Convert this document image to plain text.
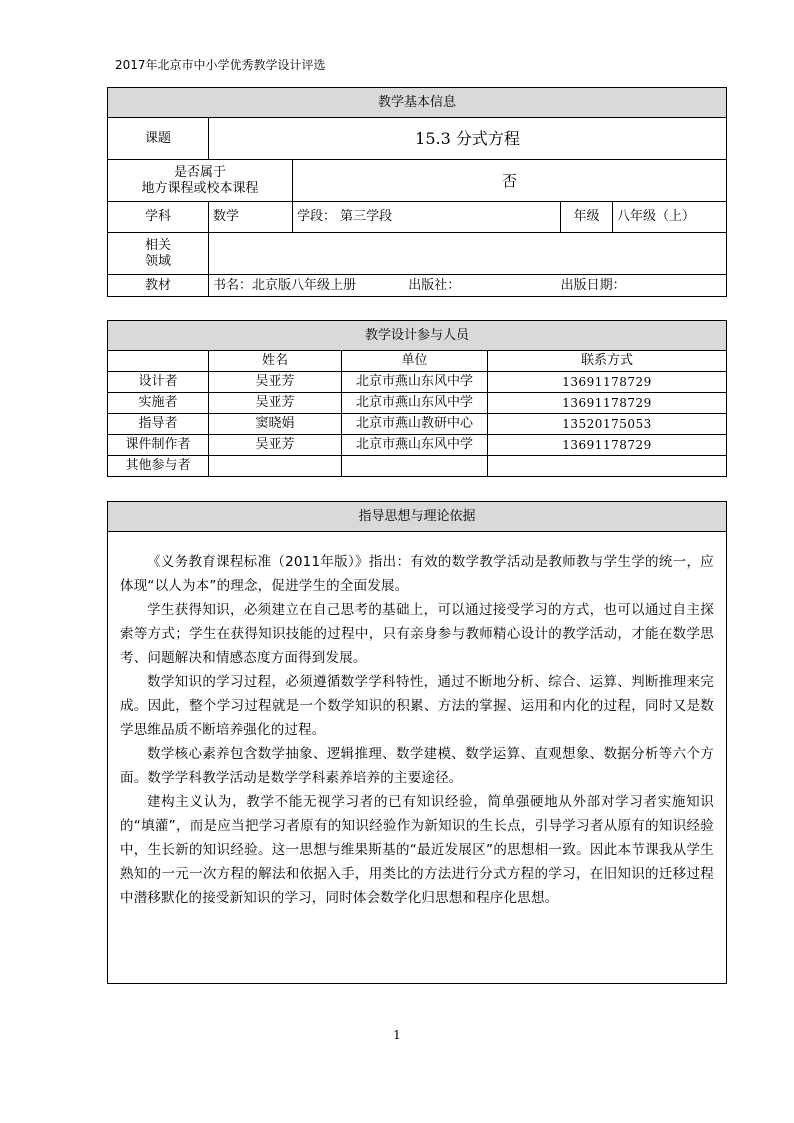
2017年北京市中小学优秀教学设计评选
教学基本信息				
课题	15.3 分式方程			

是否属于
地方课程或校本课程		否		
学科	数学	学段： 第三学段	年级	八年级（上）

相关
领域				

教材	书名：北京版八年级上册 出版社： 出版日期：			
教学设计参与人员			
	姓名	单位	联系方式
设计者	吴亚芳	北京市燕山东风中学	13691178729
实施者	吴亚芳	北京市燕山东风中学	13691178729
指导者	窦晓娟	北京市燕山教研中心	13520175053
课件制作者	吴亚芳	北京市燕山东风中学	13691178729
其他参与者			
指导思想与理论依据

《义务教育课程标准（2011年版）》指出：有效的数学教学活动是教师教与学生学的统一，应体现“以人为本”的理念，促进学生的全面发展。

学生获得知识，必须建立在自己思考的基础上，可以通过接受学习的方式，也可以通过自主探索等方式；学生在获得知识技能的过程中，只有亲身参与教师精心设计的教学活动，才能在数学思考、问题解决和情感态度方面得到发展。

数学知识的学习过程，必须遵循数学学科特性，通过不断地分析、综合、运算、判断推理来完成。因此，整个学习过程就是一个数学知识的积累、方法的掌握、运用和内化的过程，同时又是数学思维品质不断培养强化的过程。

数学核心素养包含数学抽象、逻辑推理、数学建模、数学运算、直观想象、数据分析等六个方面。数学学科教学活动是数学学科素养培养的主要途径。

建构主义认为，教学不能无视学习者的已有知识经验，简单强硬地从外部对学习者实施知识的“填灌”，而是应当把学习者原有的知识经验作为新知识的生长点，引导学习者从原有的知识经验中，生长新的知识经验。这一思想与维果斯基的“最近发展区”的思想相一致。因此本节课我从学生熟知的一元一次方程的解法和依据入手，用类比的方法进行分式方程的学习，在旧知识的迁移过程中潜移默化的接受新知识的学习，同时体会数学化归思想和程序化思想。

1
